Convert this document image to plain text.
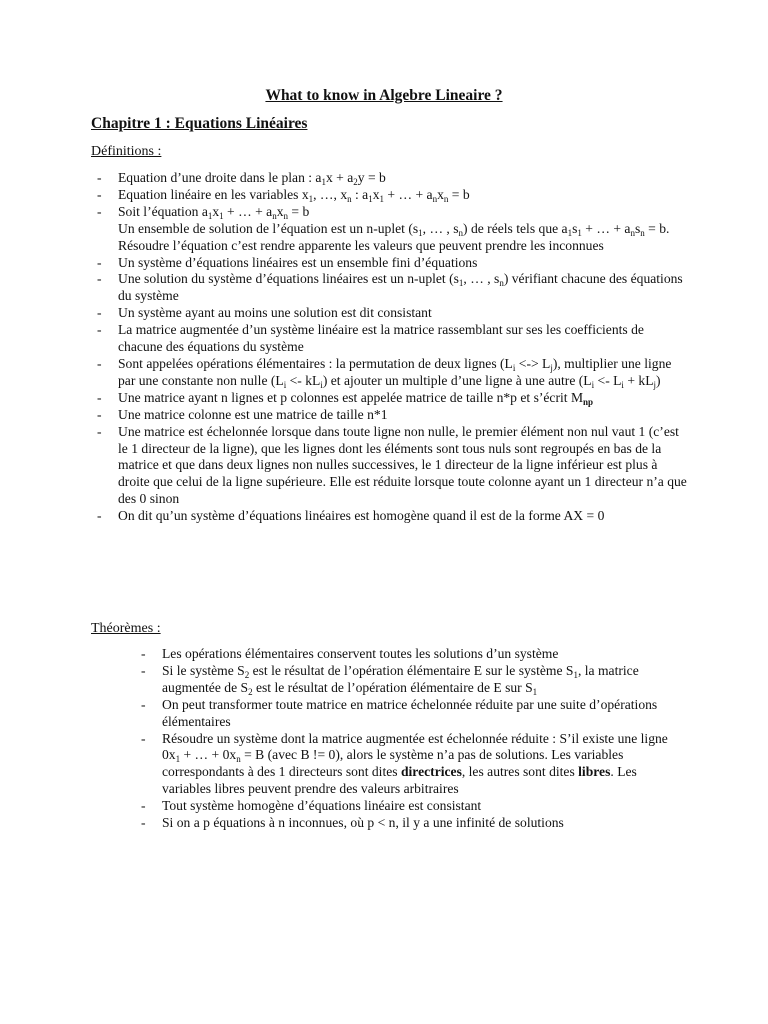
What to know in Algebre Lineaire ?
Chapitre 1 : Equations Linéaires
Définitions :
- Equation d’une droite dans le plan : $a_1x + a_2y = b$
- Equation linéaire en les variables $x_1$, …, $x_n$ : $a_1x_1$ + … + $a_nx_n = b$
- Soit l’équation $a_1x_1$ + … + $a_nx_n = b$
Un ensemble de solution de l’équation est un n-uplet ($s_1$, … , $s_n$) de réels tels que $a_1s_1$ + … + $a_ns_n = b$. Résoudre l’équation c’est rendre apparente les valeurs que peuvent prendre les inconnues
- Un système d’équations linéaires est un ensemble fini d’équations
- Une solution du système d’équations linéaires est un n-uplet ($s_1$, … , $s_n$) vérifiant chacune des équations du système
- Un système ayant au moins une solution est dit consistant
- La matrice augmentée d’un système linéaire est la matrice rassemblant sur ses les coefficients de chacune des équations du système
- Sont appelées opérations élémentaires : la permutation de deux lignes ($L_i$ <-> $L_j$), multiplier une ligne par une constante non nulle $(L_i <- kL_i)$ et ajouter un multiple d’une ligne à une autre $(L_i <- L_i + kL_j)$
- Une matrice ayant n lignes et p colonnes est appelée matrice de taille n*p et s’écrit $M_{np}$
- Une matrice colonne est une matrice de taille n*1
- Une matrice est échelonnée lorsque dans toute ligne non nulle, le premier élément non nul vaut 1 (c’est le 1 directeur de la ligne), que les lignes dont les éléments sont tous nuls sont regroupés en bas de la matrice et que dans deux lignes non nulles successives, le 1 directeur de la ligne inférieur est plus à droite que celui de la ligne supérieure. Elle est réduite lorsque toute colonne ayant un 1 directeur n’a que des 0 sinon
- On dit qu’un système d’équations linéaires est homogène quand il est de la forme AX = 0
Théorèmes :
- Les opérations élémentaires conservent toutes les solutions d’un système
- Si le système $S_2$ est le résultat de l’opération élémentaire E sur le système $S_1$, la matrice augmentée de $S_2$ est le résultat de l’opération élémentaire de E sur $S_1$
- On peut transformer toute matrice en matrice échelonnée réduite par une suite d’opérations élémentaires
- Résoudre un système dont la matrice augmentée est échelonnée réduite : S’il existe une ligne $0x_1$ + … + $0x_n = B$ (avec B != 0), alors le système n’a pas de solutions. Les variables correspondants à des 1 directeurs sont dites directrices, les autres sont dites libres. Les variables libres peuvent prendre des valeurs arbitraires
- Tout système homogène d’équations linéaire est consistant
- Si on a p équations à n inconnues, où p < n, il y a une infinité de solutions
